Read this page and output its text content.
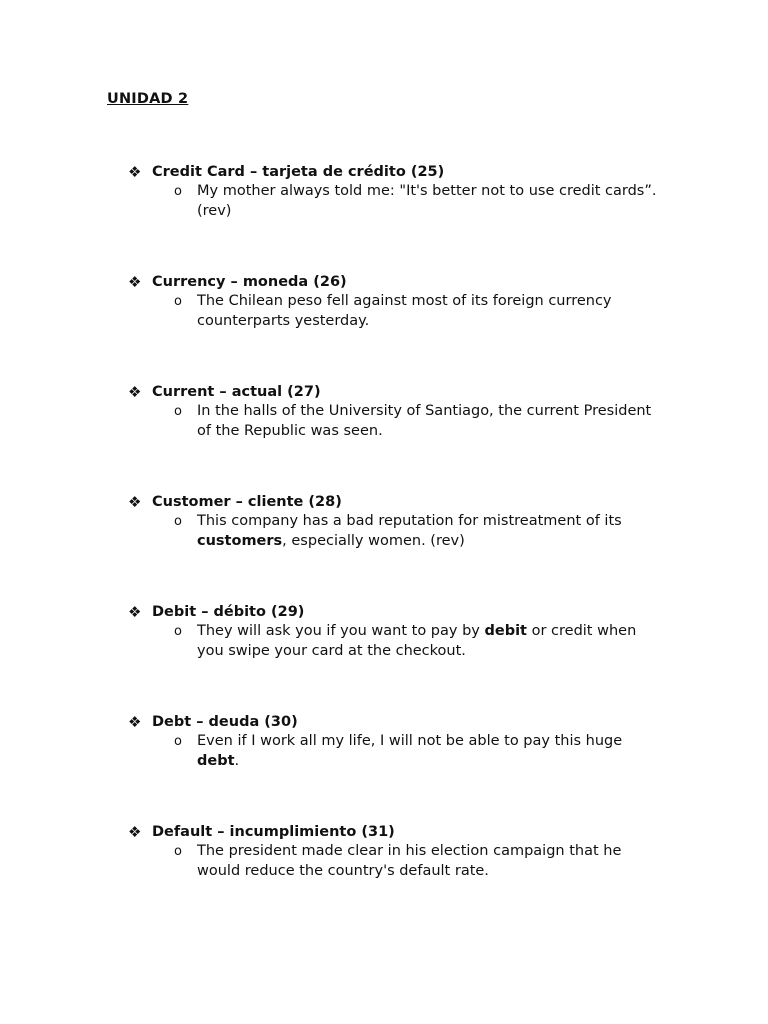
UNIDAD 2
❖ Credit Card – tarjeta de crédito (25)
o My mother always told me: "It's better not to use credit cards”. (rev)
❖ Currency – moneda (26)
o The Chilean peso fell against most of its foreign currency counterparts yesterday.
❖ Current – actual (27)
o In the halls of the University of Santiago, the current President of the Republic was seen.
❖ Customer – cliente (28)
o This company has a bad reputation for mistreatment of its customers, especially women. (rev)
❖ Debit – débito (29)
o They will ask you if you want to pay by debit or credit when you swipe your card at the checkout.
❖ Debt – deuda (30)
o Even if I work all my life, I will not be able to pay this huge debt.
❖ Default – incumplimiento (31)
o The president made clear in his election campaign that he would reduce the country's default rate.
